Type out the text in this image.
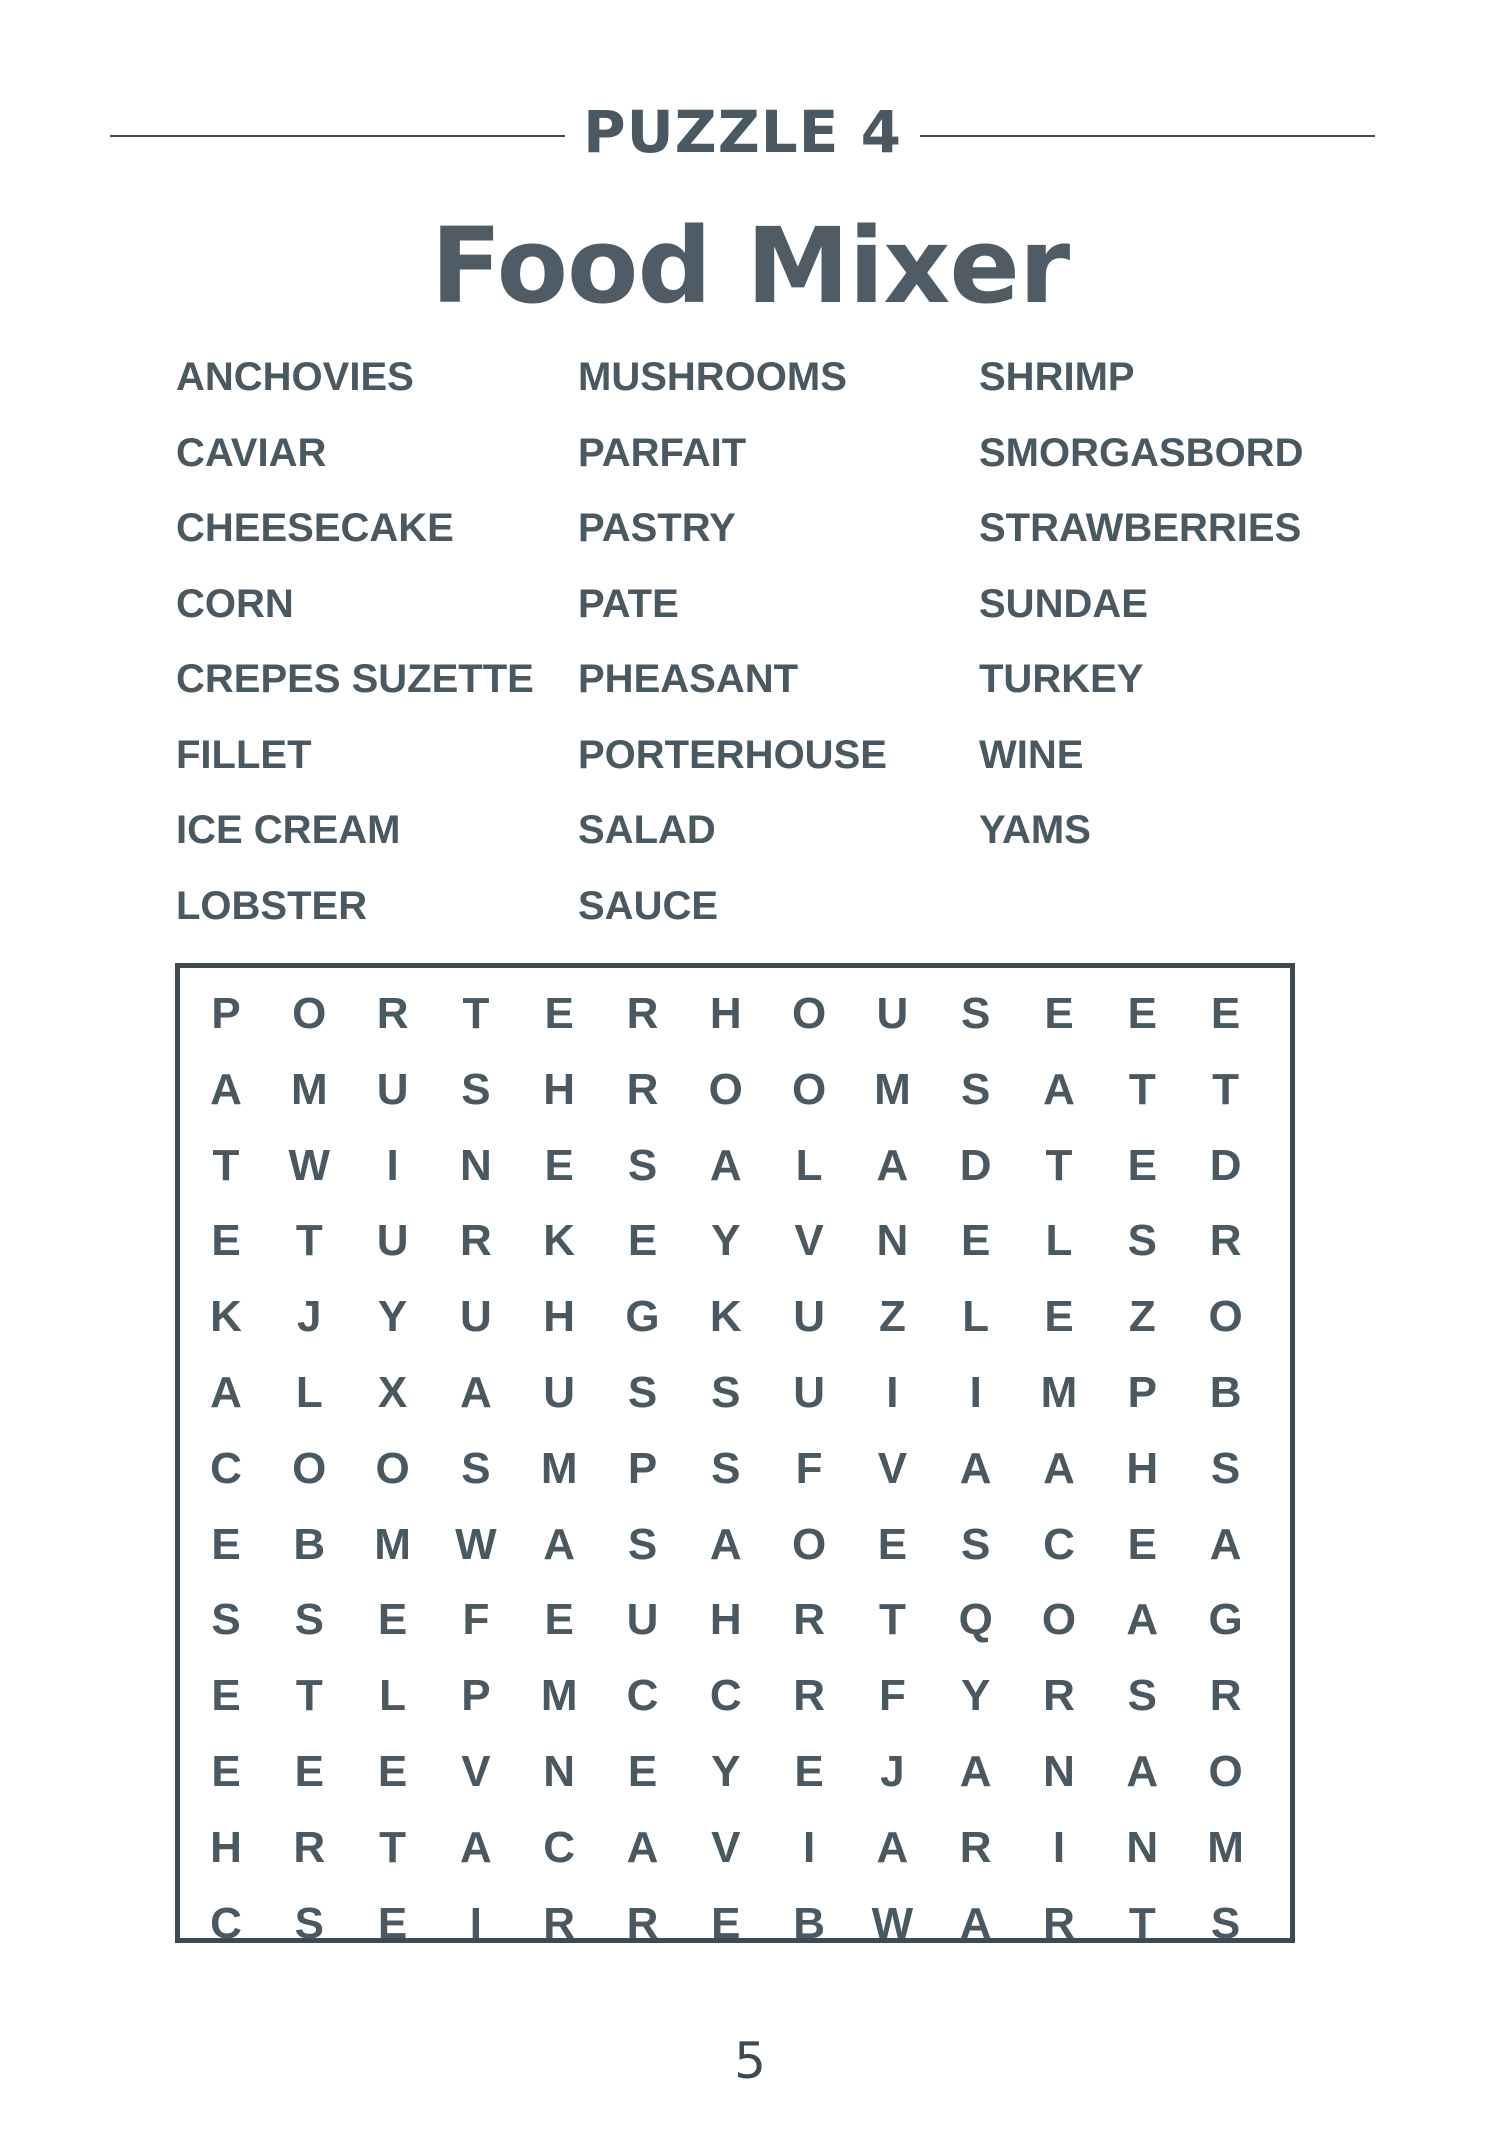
PUZZLE 4
Food Mixer
ANCHOVIES
CAVIAR
CHEESECAKE
CORN
CREPES SUZETTE
FILLET
ICE CREAM
LOBSTER
MUSHROOMS
PARFAIT
PASTRY
PATE
PHEASANT
PORTERHOUSE
SALAD
SAUCE
SHRIMP
SMORGASBORD
STRAWBERRIES
SUNDAE
TURKEY
WINE
YAMS
P	O	R	T	E	R	H	O	U	S	E	E	E
A	M	U	S	H	R	O	O	M	S	A	T	T
T	W	I	N	E	S	A	L	A	D	T	E	D
E	T	U	R	K	E	Y	V	N	E	L	S	R
K	J	Y	U	H	G	K	U	Z	L	E	Z	O
A	L	X	A	U	S	S	U	I	I	M	P	B
C	O	O	S	M	P	S	F	V	A	A	H	S
E	B	M	W	A	S	A	O	E	S	C	E	A
S	S	E	F	E	U	H	R	T	Q	O	A	G
E	T	L	P	M	C	C	R	F	Y	R	S	R
E	E	E	V	N	E	Y	E	J	A	N	A	O
H	R	T	A	C	A	V	I	A	R	I	N	M
C	S	E	I	R	R	E	B	W	A	R	T	S
5
